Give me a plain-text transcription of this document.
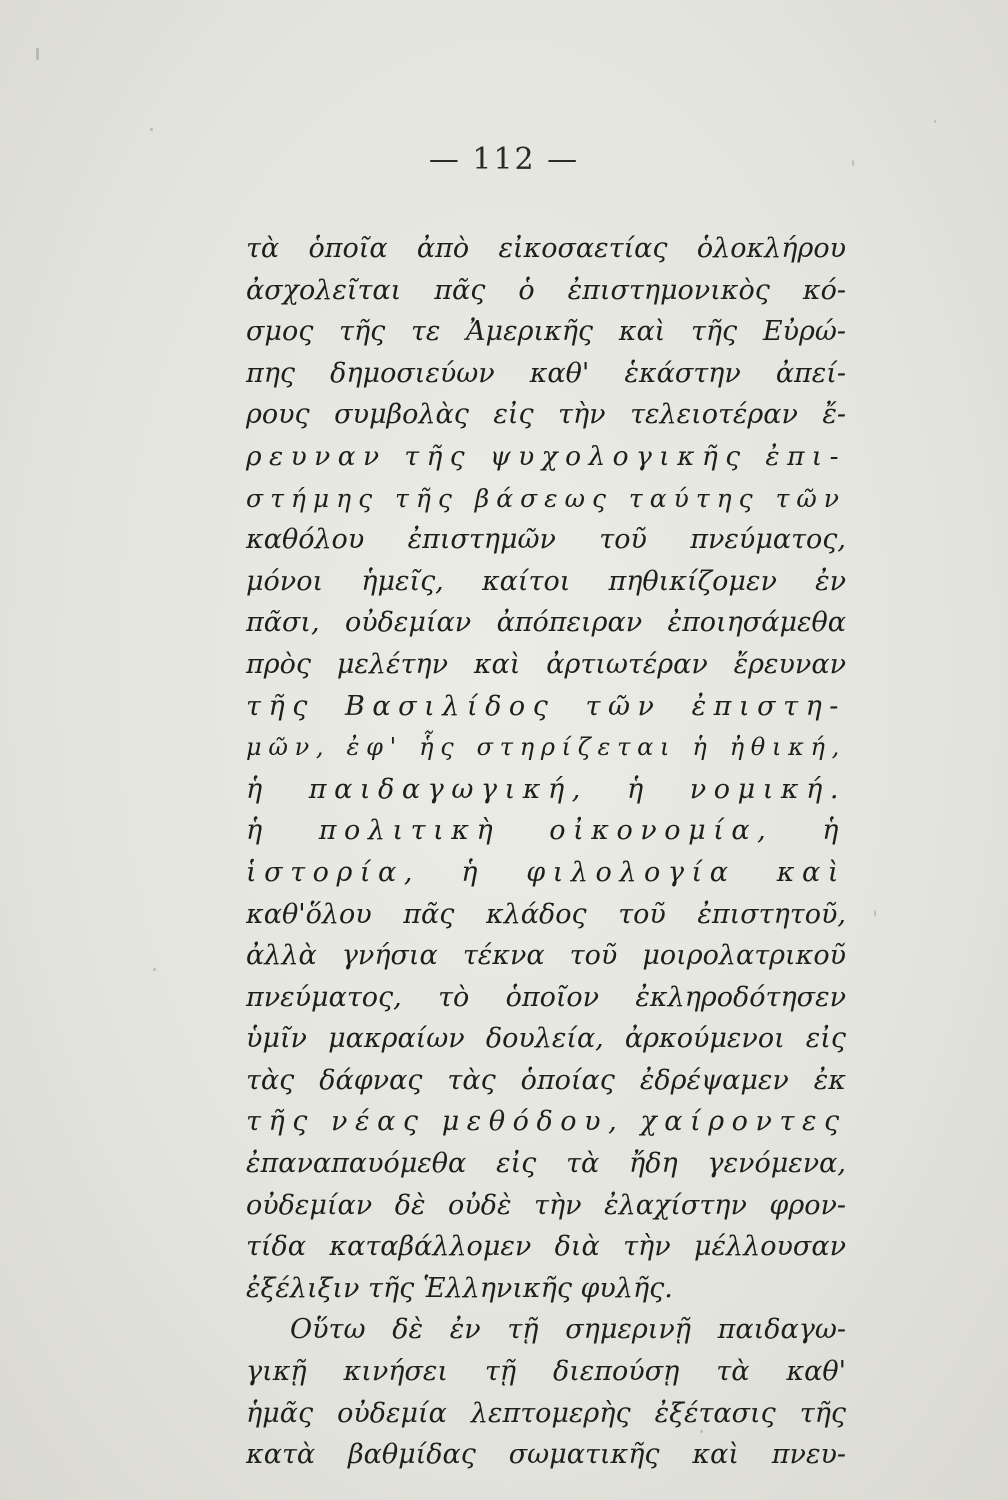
— 112 —
τὰ ὁποῖα ἀπὸ εἰκοσαετίας ὁλοκλήρου
ἀσχολεῖται πᾶς ὁ ἐπιστημονικὸς κό-
σμος τῆς τε Ἀμερικῆς καὶ τῆς Εὐρώ-
πης δημοσιεύων καθ' ἑκάστην ἀπεί-
ρους συμβολὰς εἰς τὴν τελειοτέραν ἔ-
ρευναν τῆς ψυχολογικῆς ἐπι-
στήμης τῆς βάσεως ταύτης τῶν
καθόλου ἐπιστημῶν τοῦ πνεύματος,
μόνοι ἡμεῖς, καίτοι πηθικίζομεν ἐν
πᾶσι, οὐδεμίαν ἀπόπειραν ἐποιησάμεθα
πρὸς μελέτην καὶ ἀρτιωτέραν ἔρευναν
τῆς Βασιλίδος τῶν ἐπιστη-
μῶν, ἐφ' ἧς στηρίζεται ἡ ἠθική,
ἡ παιδαγωγική, ἡ νομική.
ἡ πολιτικὴ οἰκονομία, ἡ
ἱστορία, ἡ φιλολογία καὶ
καθ'ὅλου πᾶς κλάδος τοῦ ἐπιστητοῦ,
ἀλλὰ γνήσια τέκνα τοῦ μοιρολατρικοῦ
πνεύματος, τὸ ὁποῖον ἐκληροδότησεν
ὑμῖν μακραίων δουλεία, ἀρκούμενοι εἰς
τὰς δάφνας τὰς ὁποίας ἐδρέψαμεν ἐκ
τῆς νέας μεθόδου, χαίροντες
ἐπαναπαυόμεθα εἰς τὰ ἤδη γενόμενα,
οὐδεμίαν δὲ οὐδὲ τὴν ἐλαχίστην φρον-
τίδα καταβάλλομεν διὰ τὴν μέλλουσαν
ἐξέλιξιν τῆς Ἑλληνικῆς φυλῆς.
Οὕτω δὲ ἐν τῇ σημερινῇ παιδαγω-
γικῇ κινήσει τῇ διεπούσῃ τὰ καθ'
ἡμᾶς οὐδεμία λεπτομερὴς ἐξέτασις τῆς
κατὰ βαθμίδας σωματικῆς καὶ πνευ-
